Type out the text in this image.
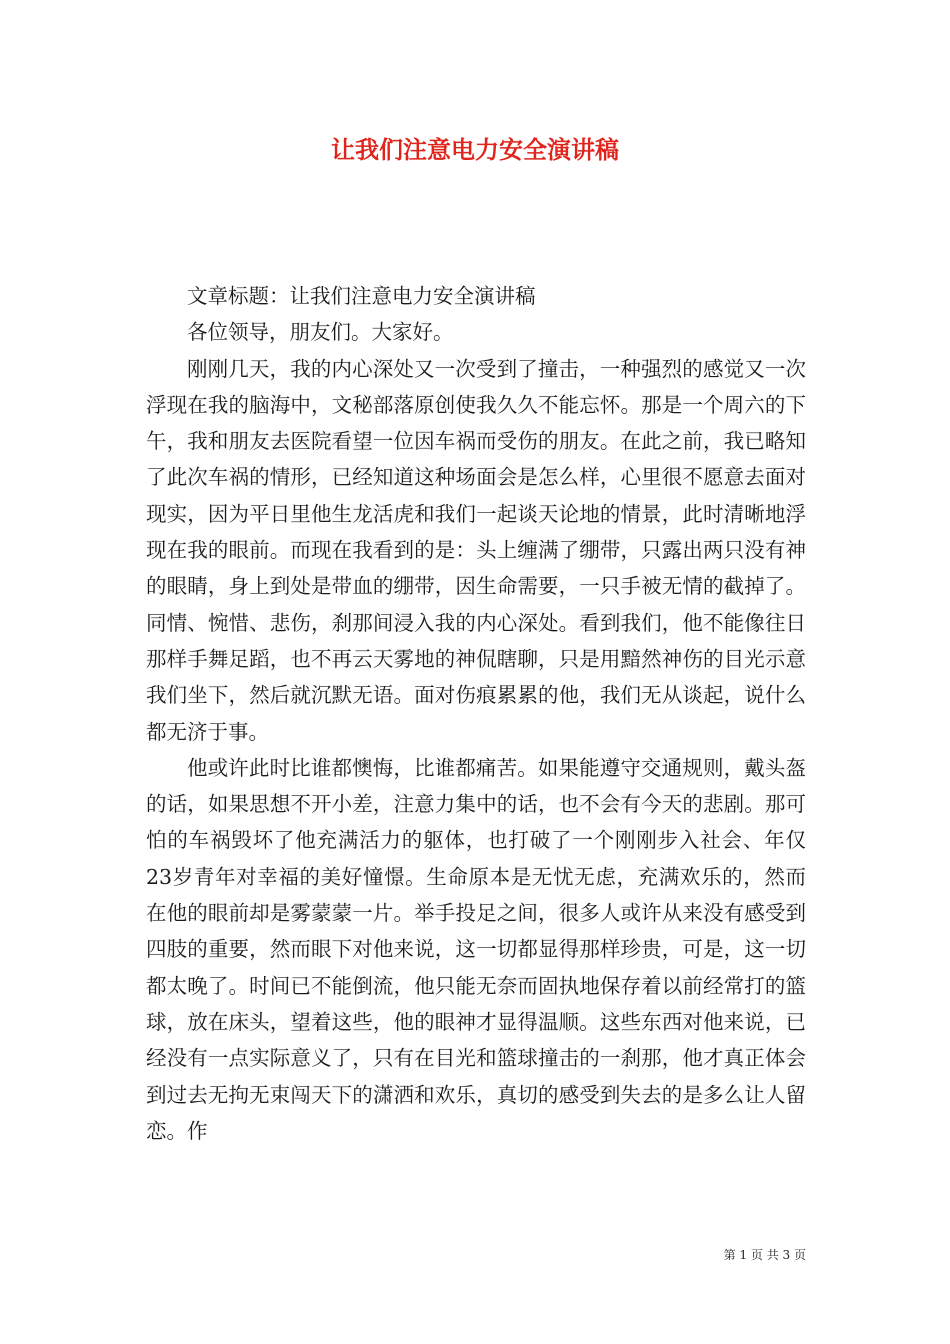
让我们注意电力安全演讲稿

文章标题：让我们注意电力安全演讲稿

各位领导，朋友们。大家好。

刚刚几天，我的内心深处又一次受到了撞击，一种强烈的感觉又一次浮现在我的脑海中，文秘部落原创使我久久不能忘怀。那是一个周六的下午，我和朋友去医院看望一位因车祸而受伤的朋友。在此之前，我已略知了此次车祸的情形，已经知道这种场面会是怎么样，心里很不愿意去面对现实，因为平日里他生龙活虎和我们一起谈天论地的情景，此时清晰地浮现在我的眼前。而现在我看到的是：头上缠满了绷带，只露出两只没有神的眼睛，身上到处是带血的绷带，因生命需要，一只手被无情的截掉了。同情、惋惜、悲伤，刹那间浸入我的内心深处。看到我们，他不能像往日那样手舞足蹈，也不再云天雾地的神侃瞎聊，只是用黯然神伤的目光示意我们坐下，然后就沉默无语。面对伤痕累累的他，我们无从谈起，说什么都无济于事。

他或许此时比谁都懊悔，比谁都痛苦。如果能遵守交通规则，戴头盔的话，如果思想不开小差，注意力集中的话，也不会有今天的悲剧。那可怕的车祸毁坏了他充满活力的躯体，也打破了一个刚刚步入社会、年仅23岁青年对幸福的美好憧憬。生命原本是无忧无虑，充满欢乐的，然而在他的眼前却是雾蒙蒙一片。举手投足之间，很多人或许从来没有感受到四肢的重要，然而眼下对他来说，这一切都显得那样珍贵，可是，这一切都太晚了。时间已不能倒流，他只能无奈而固执地保存着以前经常打的篮球，放在床头，望着这些，他的眼神才显得温顺。这些东西对他来说，已经没有一点实际意义了，只有在目光和篮球撞击的一刹那，他才真正体会到过去无拘无束闯天下的潇洒和欢乐，真切的感受到失去的是多么让人留恋。作

第 1 页 共 3 页
